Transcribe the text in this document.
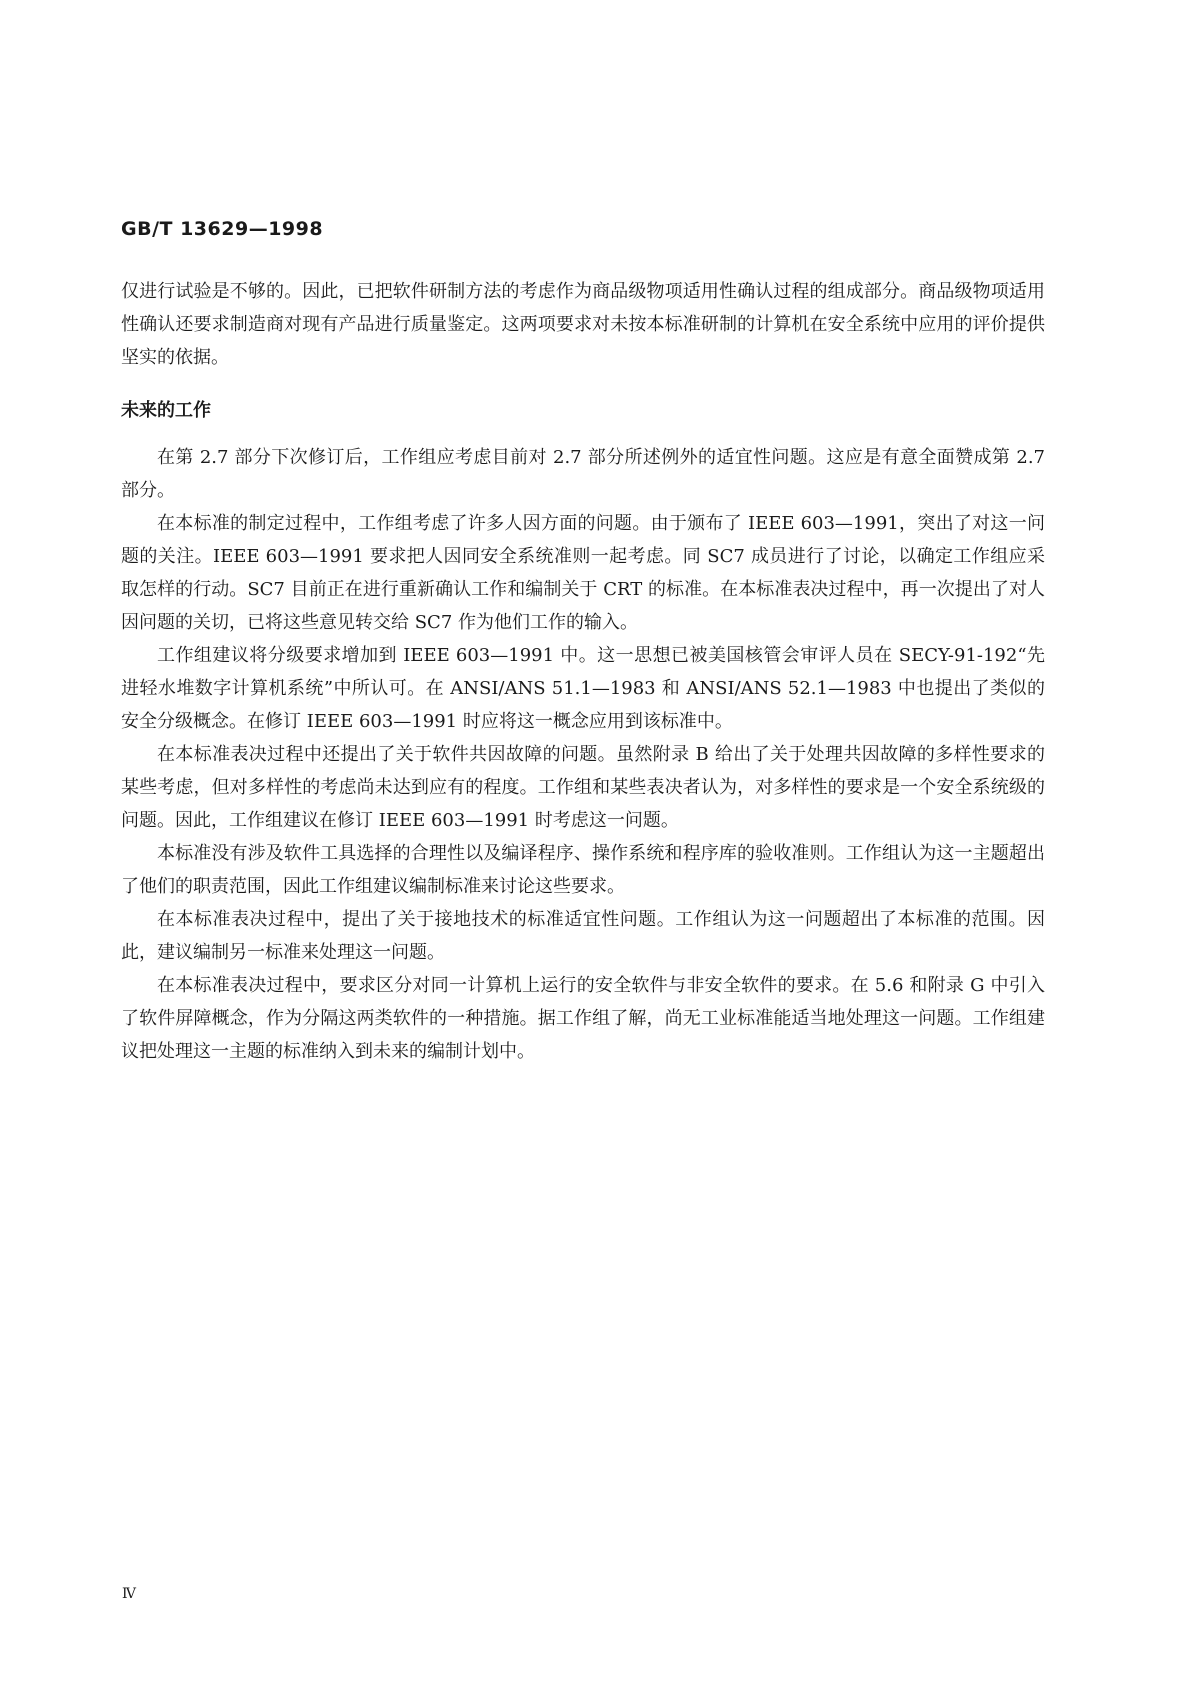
GB/T 13629—1998

仅进行试验是不够的。因此，已把软件研制方法的考虑作为商品级物项适用性确认过程的组成部分。商品级物项适用性确认还要求制造商对现有产品进行质量鉴定。这两项要求对未按本标准研制的计算机在安全系统中应用的评价提供坚实的依据。

未来的工作

在第 2.7 部分下次修订后，工作组应考虑目前对 2.7 部分所述例外的适宜性问题。这应是有意全面赞成第 2.7 部分。

在本标准的制定过程中，工作组考虑了许多人因方面的问题。由于颁布了 IEEE 603—1991，突出了对这一问题的关注。IEEE 603—1991 要求把人因同安全系统准则一起考虑。同 SC7 成员进行了讨论，以确定工作组应采取怎样的行动。SC7 目前正在进行重新确认工作和编制关于 CRT 的标准。在本标准表决过程中，再一次提出了对人因问题的关切，已将这些意见转交给 SC7 作为他们工作的输入。

工作组建议将分级要求增加到 IEEE 603—1991 中。这一思想已被美国核管会审评人员在 SECY-91-192“先进轻水堆数字计算机系统”中所认可。在 ANSI/ANS 51.1—1983 和 ANSI/ANS 52.1—1983 中也提出了类似的安全分级概念。在修订 IEEE 603—1991 时应将这一概念应用到该标准中。

在本标准表决过程中还提出了关于软件共因故障的问题。虽然附录 B 给出了关于处理共因故障的多样性要求的某些考虑，但对多样性的考虑尚未达到应有的程度。工作组和某些表决者认为，对多样性的要求是一个安全系统级的问题。因此，工作组建议在修订 IEEE 603—1991 时考虑这一问题。

本标准没有涉及软件工具选择的合理性以及编译程序、操作系统和程序库的验收准则。工作组认为这一主题超出了他们的职责范围，因此工作组建议编制标准来讨论这些要求。

在本标准表决过程中，提出了关于接地技术的标准适宜性问题。工作组认为这一问题超出了本标准的范围。因此，建议编制另一标准来处理这一问题。

在本标准表决过程中，要求区分对同一计算机上运行的安全软件与非安全软件的要求。在 5.6 和附录 G 中引入了软件屏障概念，作为分隔这两类软件的一种措施。据工作组了解，尚无工业标准能适当地处理这一问题。工作组建议把处理这一主题的标准纳入到未来的编制计划中。

Ⅳ
